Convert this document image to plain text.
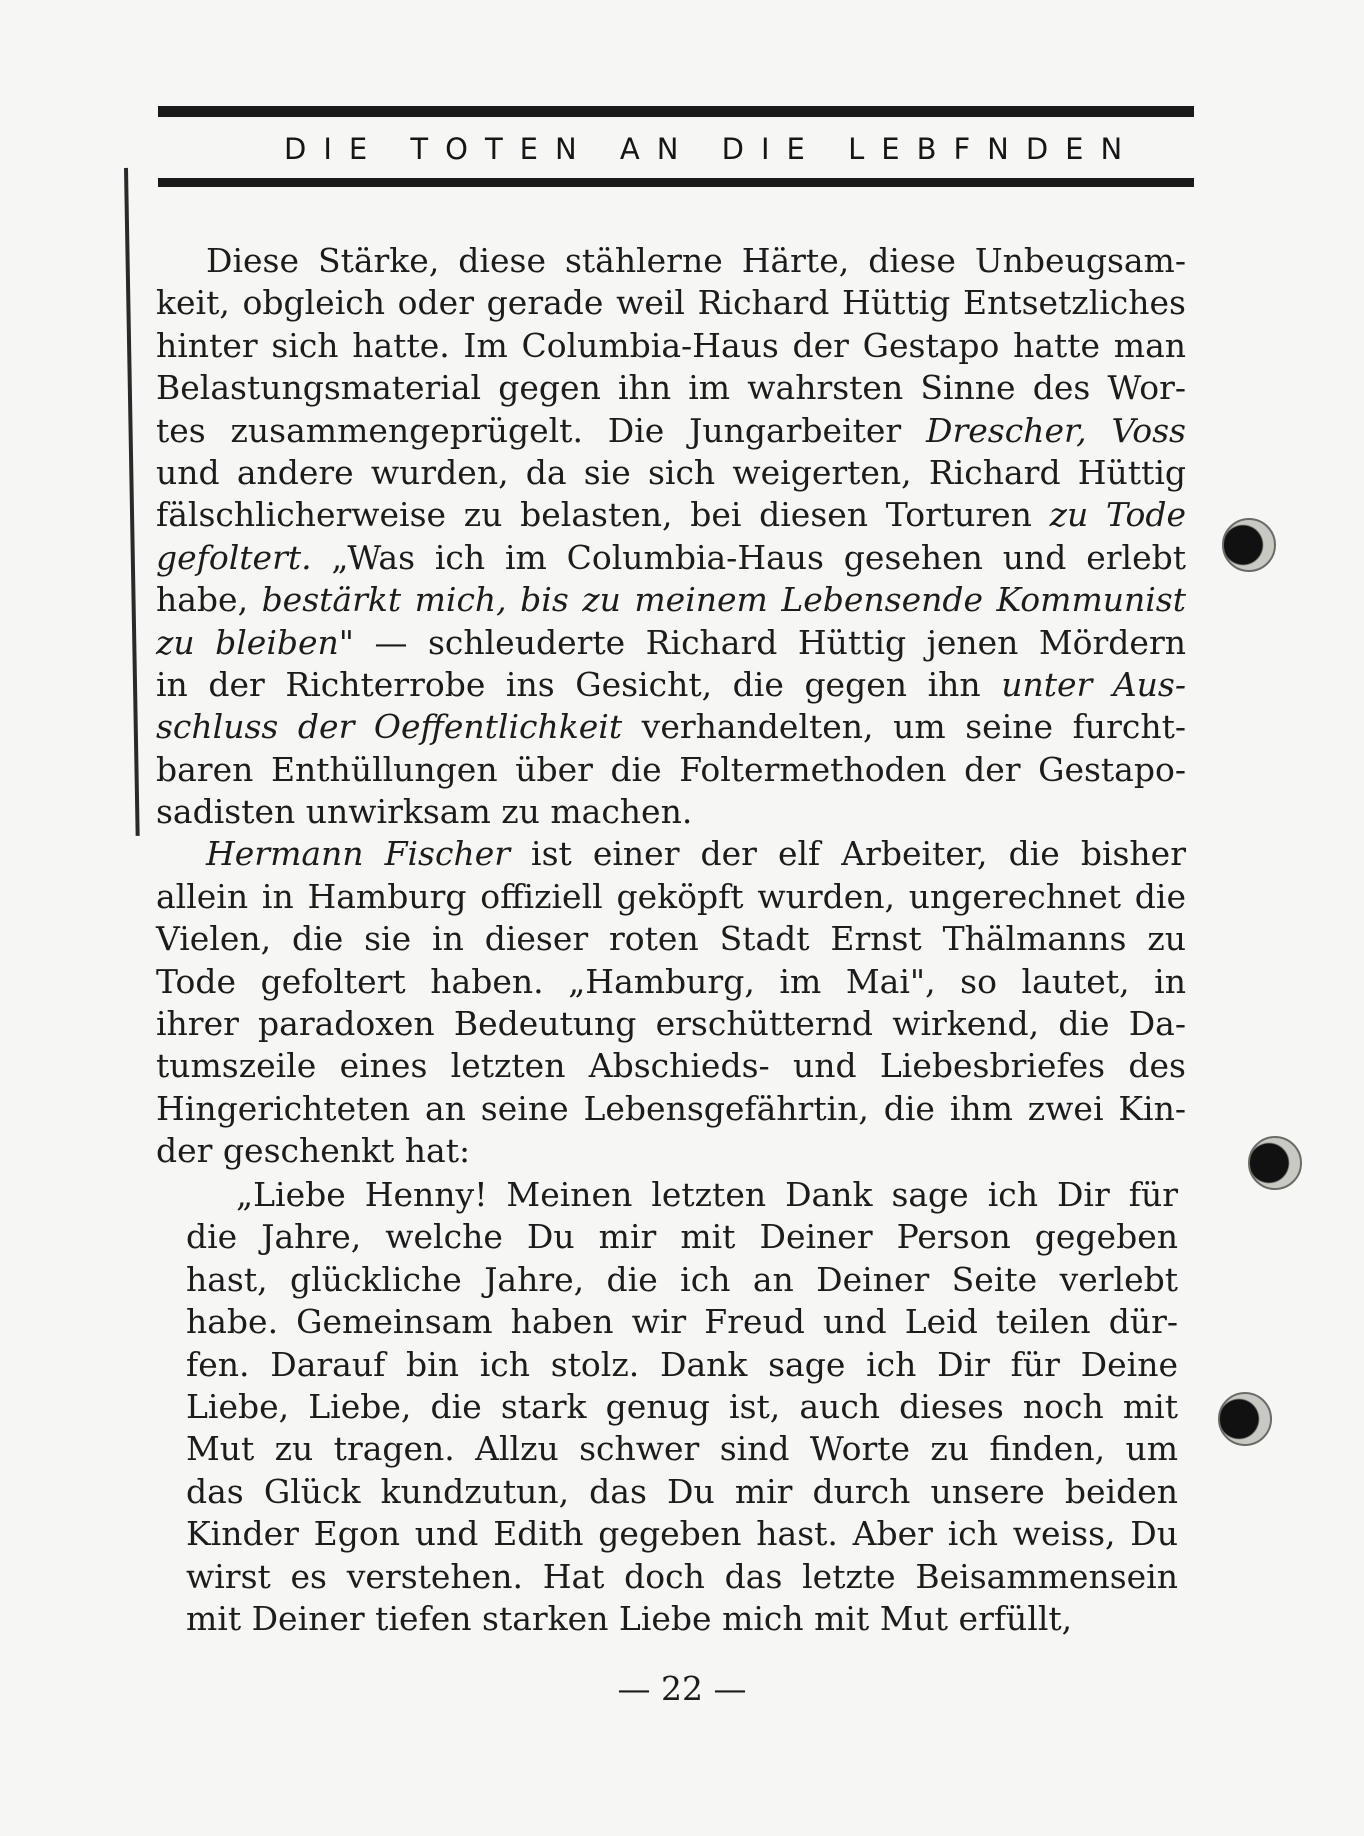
DIE TOTEN AN DIE LEBFNDEN
Diese Stärke, diese stählerne Härte, diese Unbeugsam-
keit, obgleich oder gerade weil Richard Hüttig Entsetzliches
hinter sich hatte. Im Columbia-Haus der Gestapo hatte man
Belastungsmaterial gegen ihn im wahrsten Sinne des Wor-
tes zusammengeprügelt. Die Jungarbeiter Drescher, Voss
und andere wurden, da sie sich weigerten, Richard Hüttig
fälschlicherweise zu belasten, bei diesen Torturen zu Tode
gefoltert. „Was ich im Columbia-Haus gesehen und erlebt
habe, bestärkt mich, bis zu meinem Lebensende Kommunist
zu bleiben" — schleuderte Richard Hüttig jenen Mördern
in der Richterrobe ins Gesicht, die gegen ihn unter Aus-
schluss der Oeffentlichkeit verhandelten, um seine furcht-
baren Enthüllungen über die Foltermethoden der Gestapo-
sadisten unwirksam zu machen.
Hermann Fischer ist einer der elf Arbeiter, die bisher
allein in Hamburg offiziell geköpft wurden, ungerechnet die
Vielen, die sie in dieser roten Stadt Ernst Thälmanns zu
Tode gefoltert haben. „Hamburg, im Mai", so lautet, in
ihrer paradoxen Bedeutung erschütternd wirkend, die Da-
tumszeile eines letzten Abschieds- und Liebesbriefes des
Hingerichteten an seine Lebensgefährtin, die ihm zwei Kin-
der geschenkt hat:
„Liebe Henny! Meinen letzten Dank sage ich Dir für
die Jahre, welche Du mir mit Deiner Person gegeben
hast, glückliche Jahre, die ich an Deiner Seite verlebt
habe. Gemeinsam haben wir Freud und Leid teilen dür-
fen. Darauf bin ich stolz. Dank sage ich Dir für Deine
Liebe, Liebe, die stark genug ist, auch dieses noch mit
Mut zu tragen. Allzu schwer sind Worte zu finden, um
das Glück kundzutun, das Du mir durch unsere beiden
Kinder Egon und Edith gegeben hast. Aber ich weiss, Du
wirst es verstehen. Hat doch das letzte Beisammensein
mit Deiner tiefen starken Liebe mich mit Mut erfüllt,
— 22 —
